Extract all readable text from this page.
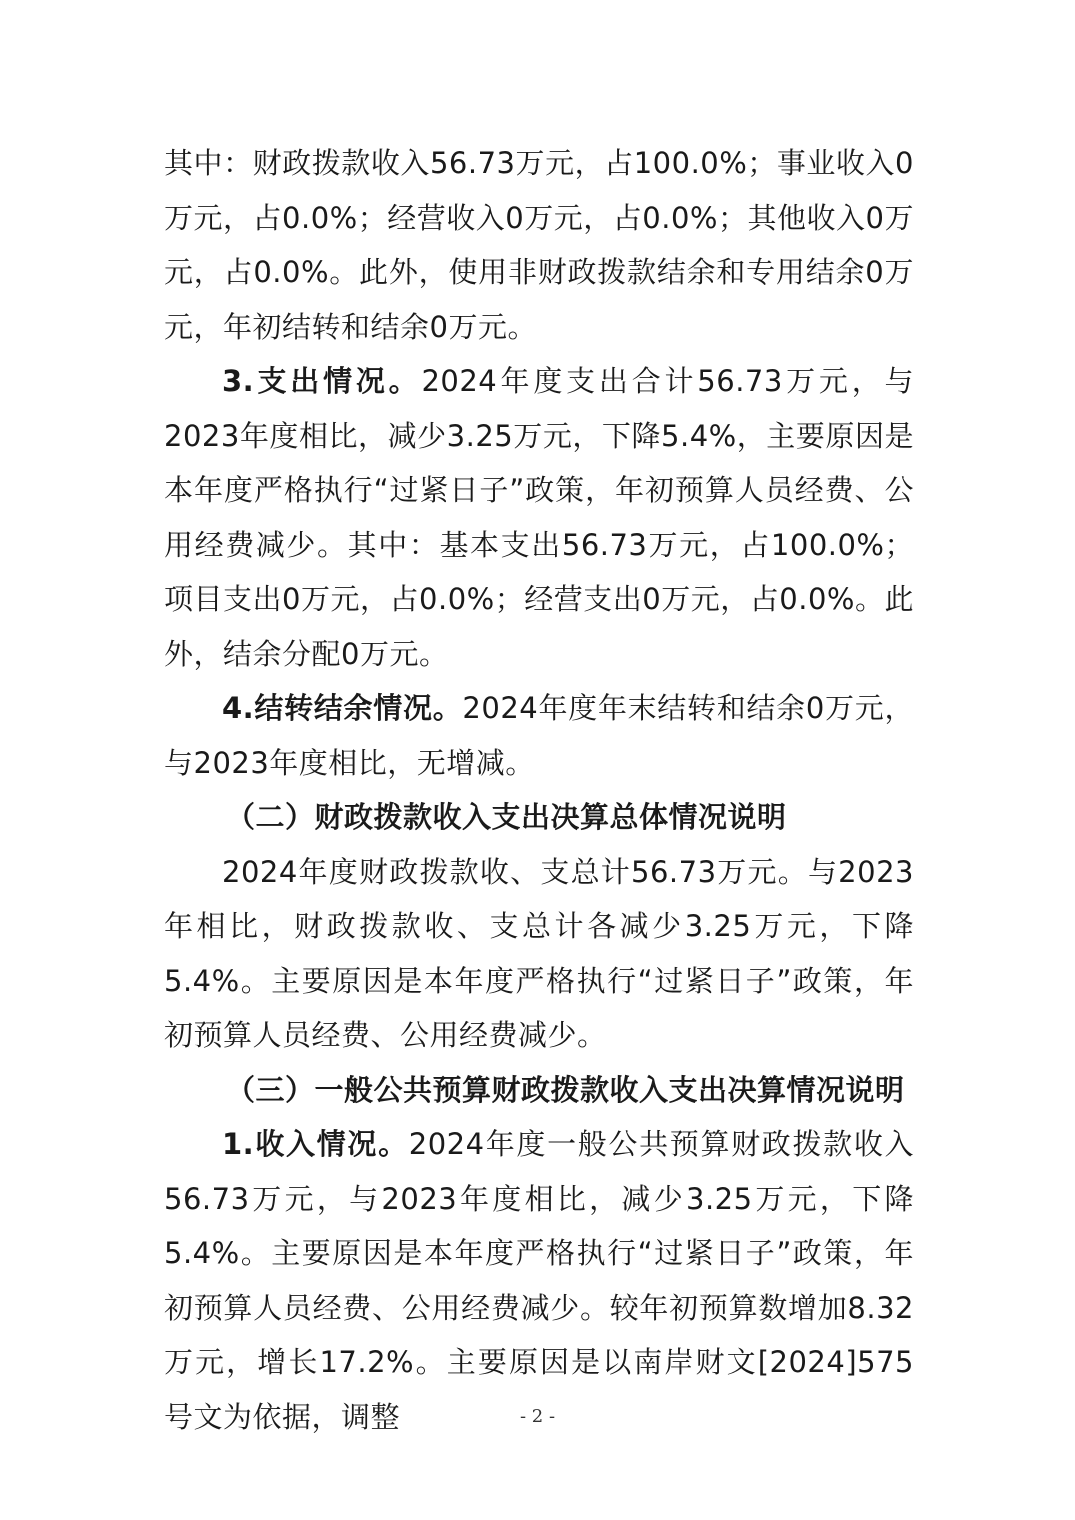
其中：财政拨款收入56.73万元，占100.0%；事业收入0万元，占0.0%；经营收入0万元，占0.0%；其他收入0万元，占0.0%。此外，使用非财政拨款结余和专用结余0万元，年初结转和结余0万元。

3.支出情况。2024年度支出合计56.73万元，与2023年度相比，减少3.25万元，下降5.4%，主要原因是本年度严格执行“过紧日子”政策，年初预算人员经费、公用经费减少。其中：基本支出56.73万元，占100.0%；项目支出0万元，占0.0%；经营支出0万元，占0.0%。此外，结余分配0万元。

4.结转结余情况。2024年度年末结转和结余0万元，与2023年度相比，无增减。

（二）财政拨款收入支出决算总体情况说明

2024年度财政拨款收、支总计56.73万元。与2023年相比，财政拨款收、支总计各减少3.25万元，下降5.4%。主要原因是本年度严格执行“过紧日子”政策，年初预算人员经费、公用经费减少。

（三）一般公共预算财政拨款收入支出决算情况说明

1.收入情况。2024年度一般公共预算财政拨款收入56.73万元，与2023年度相比，减少3.25万元，下降5.4%。主要原因是本年度严格执行“过紧日子”政策，年初预算人员经费、公用经费减少。较年初预算数增加8.32万元，增长17.2%。主要原因是以南岸财文[2024]575号文为依据，调整	- 2 -
